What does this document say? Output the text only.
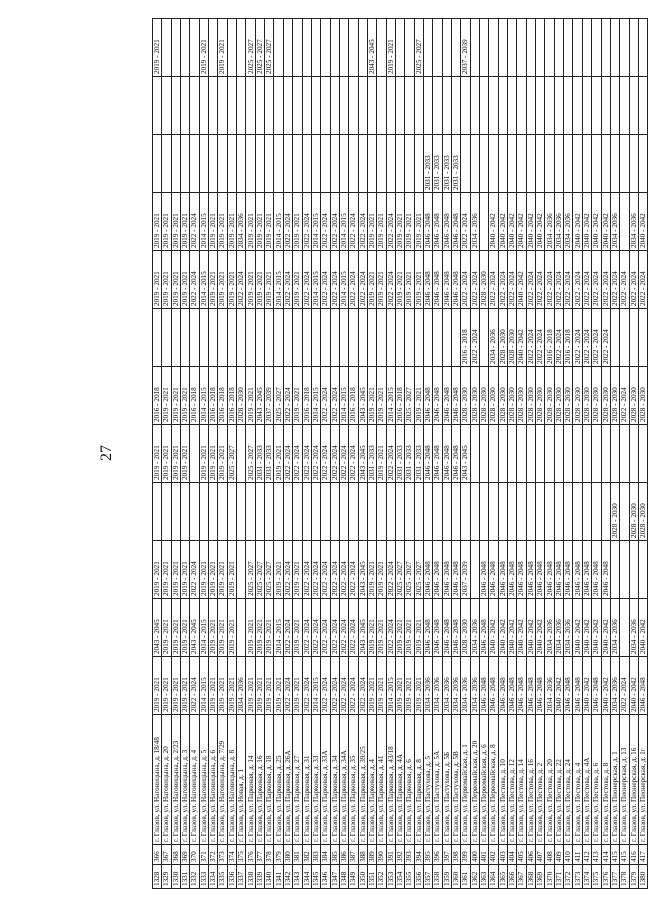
27
1328	366	г. Глазов, ул. Наговицына, д. 18/48	2019 - 2021	2043 - 2045	2019 - 2021		2019 - 2021	2016 - 2018		2019 - 2021	2019 - 2021			2019 - 2021
1329	367	г. Глазов, ул. Наговицына, д. 20	2019 - 2021	2019 - 2021	2019 - 2021		2019 - 2021	2019 - 2021		2019 - 2021	2019 - 2021			
1330	368	г. Глазов, ул. Наговицына, д. 2/23	2019 - 2021	2019 - 2021	2019 - 2021		2019 - 2021	2019 - 2021		2019 - 2021	2019 - 2021			
1331	369	г. Глазов, ул. Наговицына, д. 3	2019 - 2021	2019 - 2021	2019 - 2021		2019 - 2021	2019 - 2021		2019 - 2021	2019 - 2021			
1332	370	г. Глазов, ул. Наговицына, д. 4	2022 - 2024	2043 - 2045	2022 - 2024			2016 - 2018		2022 - 2024	2022 - 2024			
1333	371	г. Глазов, ул. Наговицына, д. 5	2014 - 2015	2014 - 2015	2019 - 2021		2019 - 2021	2014 - 2015		2014 - 2015	2014 - 2015			2019 - 2021
1334	372	г. Глазов, ул. Наговицына, д. 6	2019 - 2021	2019 - 2021	2019 - 2021		2019 - 2021	2016 - 2018		2019 - 2021	2019 - 2021			
1335	373	г. Глазов, ул. Наговицына, д. 7/29	2019 - 2021	2019 - 2021	2019 - 2021		2019 - 2021	2016 - 2018		2019 - 2021	2019 - 2021			2019 - 2021
1336	374	г. Глазов, ул. Наговицына, д. 8	2019 - 2021	2019 - 2021	2019 - 2021		2025 - 2027	2016 - 2018		2019 - 2021	2019 - 2021			
1337	375	г. Глазов, ул. Новая, д. 1	2034 - 2036					2028 - 2030		2022 - 2024	2034 - 2036			
1338	376	г. Глазов, ул. Парковая, д. 14	2019 - 2021	2019 - 2021	2025 - 2027		2025 - 2027	2019 - 2021		2019 - 2021	2019 - 2021			2025 - 2027
1339	377	г. Глазов, ул. Парковая, д. 16	2019 - 2021	2019 - 2021	2025 - 2027		2031 - 2033	2043 - 2045		2019 - 2021	2019 - 2021			2025 - 2027
1340	378	г. Глазов, ул. Парковая, д. 18	2019 - 2021	2019 - 2021	2025 - 2027		2031 - 2033	2037 - 2039		2019 - 2021	2019 - 2021			2025 - 2027
1341	379	г. Глазов, ул. Парковая, д. 25	2019 - 2021	2014 - 2015	2019 - 2021		2019 - 2021	2025 - 2027		2014 - 2015	2014 - 2015			
1342	380	г. Глазов, ул. Парковая, д. 26А	2022 - 2024	2022 - 2024	2022 - 2024		2022 - 2024	2022 - 2024		2022 - 2024	2022 - 2024			
1343	381	г. Глазов, ул. Парковая, д. 27	2019 - 2021	2019 - 2021	2019 - 2021		2022 - 2024	2019 - 2021		2019 - 2021	2019 - 2021			
1344	382	г. Глазов, ул. Парковая, д. 31	2022 - 2024	2022 - 2024	2022 - 2024		2022 - 2024	2016 - 2018		2022 - 2024	2022 - 2024			
1345	383	г. Глазов, ул. Парковая, д. 33	2014 - 2015	2022 - 2024	2022 - 2024		2022 - 2024	2014 - 2015		2014 - 2015	2014 - 2015			
1346	384	г. Глазов, ул. Парковая, д. 33А	2022 - 2024	2022 - 2024	2022 - 2024		2022 - 2024	2022 - 2024		2022 - 2024	2022 - 2024			
1347	385	г. Глазов, ул. Парковая, д. 34	2022 - 2024	2022 - 2024	2022 - 2024		2022 - 2024	2022 - 2024		2022 - 2024	2022 - 2024			
1348	386	г. Глазов, ул. Парковая, д. 34А	2022 - 2024	2022 - 2024	2022 - 2024		2022 - 2024	2014 - 2015		2014 - 2015	2014 - 2015			
1349	387	г. Глазов, ул. Парковая, д. 35	2022 - 2024	2022 - 2024	2022 - 2024		2022 - 2024	2016 - 2018		2022 - 2024	2022 - 2024			
1350	388	г. Глазов, ул. Парковая, д. 39/25	2022 - 2024	2043 - 2045	2043 - 2045		2043 - 2045	2043 - 2045		2022 - 2024	2022 - 2024			
1351	389	г. Глазов, ул. Парковая, д. 4	2019 - 2021	2019 - 2021	2019 - 2021		2031 - 2033	2019 - 2021		2019 - 2021	2019 - 2021			2043 - 2045
1352	390	г. Глазов, ул. Парковая, д. 41	2019 - 2021	2019 - 2021	2019 - 2021		2019 - 2021	2019 - 2021		2019 - 2021	2019 - 2021			
1353	391	г. Глазов, ул. Парковая, д. 43/18	2014 - 2015	2022 - 2024	2022 - 2024		2022 - 2024	2014 - 2015		2022 - 2024	2022 - 2024			2019 - 2021
1354	392	г. Глазов, ул. Парковая, д. 4А	2019 - 2021	2019 - 2021	2025 - 2027		2031 - 2033	2016 - 2018		2019 - 2021	2019 - 2021			
1355	393	г. Глазов, ул. Парковая, д. 6	2019 - 2021	2019 - 2021	2025 - 2027		2031 - 2033	2025 - 2027		2019 - 2021	2019 - 2021			
1356	394	г. Глазов, ул. Парковая, д. 8	2019 - 2021	2019 - 2021	2025 - 2027		2031 - 2033	2019 - 2021		2019 - 2021	2019 - 2021			2025 - 2027
1357	395	г. Глазов, ул. Пастухова, д. 5	2034 - 2036	2046 - 2048	2046 - 2048		2046 - 2048	2046 - 2048		2046 - 2048	2046 - 2048	2031 - 2033		
1358	396	г. Глазов, ул. Пастухова, д. 5А	2034 - 2036	2046 - 2048	2046 - 2048		2046 - 2048	2046 - 2048		2046 - 2048	2046 - 2048	2031 - 2033		
1359	397	г. Глазов, ул. Пастухова, д. 5Б	2034 - 2036	2046 - 2048	2046 - 2048		2046 - 2048	2046 - 2048		2046 - 2048	2046 - 2048	2031 - 2033		
1360	398	г. Глазов, ул. Пастухова, д. 5В	2034 - 2036	2046 - 2048	2046 - 2048		2046 - 2048	2046 - 2048		2046 - 2048	2046 - 2048	2031 - 2033		
1361	399	г. Глазов, ул. Первомайская, д. 1	2034 - 2036	2028 - 2030	2037 - 2039		2043 - 2045	2028 - 2030	2016 - 2018	2022 - 2024	2022 - 2024			2037 - 2039
1362	400	г. Глазов, ул. Первомайская, д. 20	2034 - 2036	2034 - 2036				2028 - 2030	2022 - 2024	2022 - 2024	2034 - 2036			
1363	401	г. Глазов, ул. Первомайская, д. 6	2046 - 2048	2046 - 2048	2046 - 2048			2028 - 2030		2028 - 2030				
1364	402	г. Глазов, ул. Первомайская, д. 8	2046 - 2048	2040 - 2042	2046 - 2048			2028 - 2030	2034 - 2036	2022 - 2024	2040 - 2042			
1365	403	г. Глазов, ул. Пестова, д. 10	2046 - 2048	2040 - 2042	2046 - 2048			2028 - 2030	2028 - 2030	2022 - 2024	2040 - 2042			
1366	404	г. Глазов, ул. Пестова, д. 12	2046 - 2048	2040 - 2042	2046 - 2048			2028 - 2030	2028 - 2030	2022 - 2024	2040 - 2042			
1367	405	г. Глазов, ул. Пестова, д. 14	2046 - 2048	2040 - 2042	2046 - 2048			2028 - 2030	2040 - 2042	2040 - 2042	2040 - 2042			
1368	406	г. Глазов, ул. Пестова, д. 16	2046 - 2048	2040 - 2042	2046 - 2048			2028 - 2030	2022 - 2024	2022 - 2024	2040 - 2042			
1369	407	г. Глазов, ул. Пестова, д. 2	2046 - 2048	2040 - 2042	2046 - 2048			2028 - 2030	2022 - 2024	2022 - 2024	2040 - 2042			
1370	408	г. Глазов, ул. Пестова, д. 20	2034 - 2036	2034 - 2036	2046 - 2048			2028 - 2030	2016 - 2018	2022 - 2024	2034 - 2036			
1371	409	г. Глазов, ул. Пестова, д. 22	2040 - 2042	2034 - 2036	2046 - 2048			2028 - 2030	2022 - 2024	2022 - 2024	2034 - 2036			
1372	410	г. Глазов, ул. Пестова, д. 24	2046 - 2048	2034 - 2036	2046 - 2048			2028 - 2030	2016 - 2018	2022 - 2024	2034 - 2036			
1373	411	г. Глазов, ул. Пестова, д. 4	2046 - 2048	2040 - 2042	2046 - 2048			2028 - 2030	2022 - 2024	2022 - 2024	2040 - 2042			
1374	412	г. Глазов, ул. Пестова, д. 4А	2040 - 2042	2040 - 2042	2046 - 2048			2028 - 2030	2022 - 2024	2022 - 2024	2040 - 2042			
1375	413	г. Глазов, ул. Пестова, д. 6	2046 - 2048	2040 - 2042	2046 - 2048			2028 - 2030	2022 - 2024	2022 - 2024	2040 - 2042			
1376	414	г. Глазов, ул. Пестова, д. 8	2040 - 2042	2040 - 2042	2046 - 2048			2028 - 2030	2022 - 2024	2022 - 2024	2040 - 2042			
1377	415	г. Глазов, ул. Пионерская, д. 1	2034 - 2036	2034 - 2036		2028 - 2030		2028 - 2030		2022 - 2024	2034 - 2036			
1378	415	г. Глазов, ул. Пионерская, д. 13	2022 - 2024					2022 - 2024		2022 - 2024				
1379	416	г. Глазов, ул. Пионерская, д. 16	2040 - 2042	2034 - 2036		2028 - 2030		2028 - 2030		2022 - 2024	2034 - 2036			
1380	417	г. Глазов, ул. Пионерская, д. 1г	2046 - 2048	2040 - 2042		2028 - 2030		2028 - 2030		2022 - 2024	2040 - 2042			
